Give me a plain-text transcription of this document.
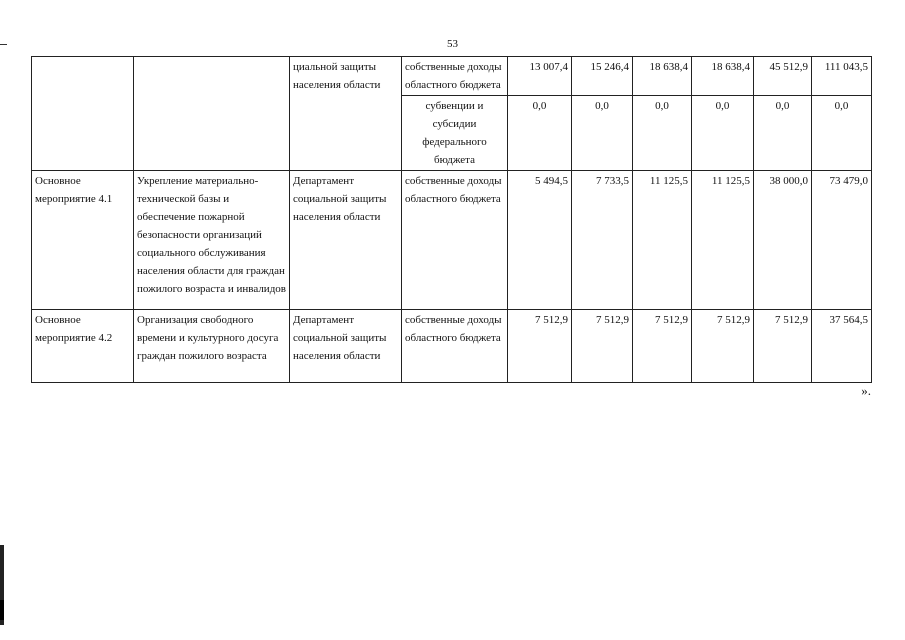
53
		циальной защиты населения области	собственные доходы областного бюджета	13 007,4	15 246,4	18 638,4	18 638,4	45 512,9	111 043,5
			субвенции и субсидии федерального бюджета	0,0	0,0	0,0	0,0	0,0	0,0
Основное мероприятие 4.1	Укрепление материально-технической базы и обеспечение пожарной безопасности организаций социального обслуживания населения области для граждан пожилого возраста и инвалидов	Департамент социальной защиты населения области	собственные доходы областного бюджета	5 494,5	7 733,5	11 125,5	11 125,5	38 000,0	73 479,0
Основное мероприятие 4.2	Организация свободного времени и культурного досуга граждан пожилого возраста	Департамент социальной защиты населения области	собственные доходы областного бюджета	7 512,9	7 512,9	7 512,9	7 512,9	7 512,9	37 564,5
».
